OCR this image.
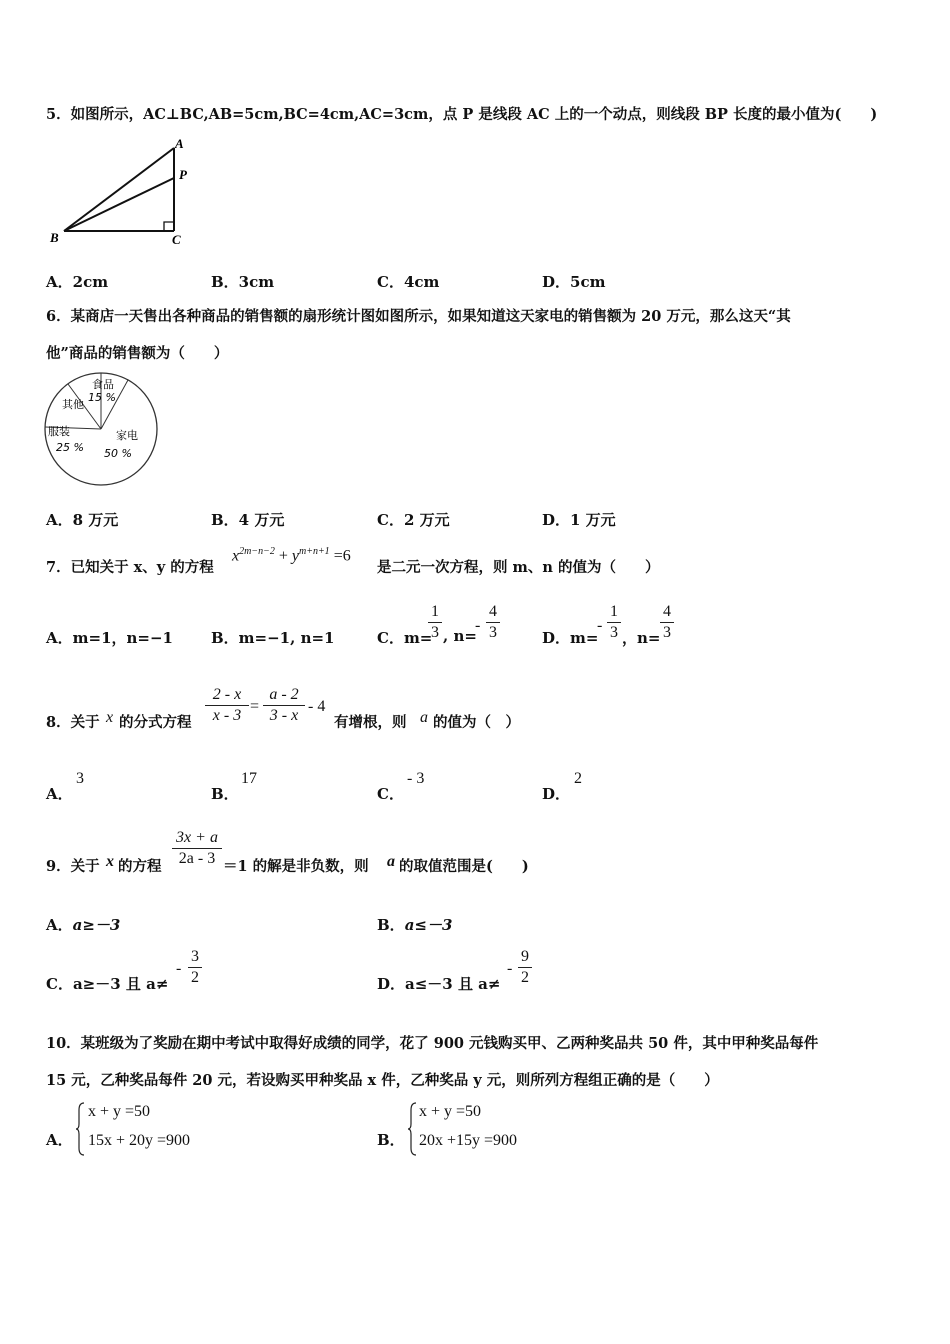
5．如图所示，AC⊥BC,AB=5cm,BC=4cm,AC=3cm，点 P 是线段 AC 上的一个动点，则线段 BP 长度的最小值为(　　)
A
P
B	C
A．2cm	B．3cm	C．4cm	D．5cm
6．某商店一天售出各种商品的销售额的扇形统计图如图所示，如果知道这天家电的销售额为 20 万元，那么这天“其
他”商品的销售额为（　　）
食品
15 %
其他
服装
25 %
家电
50 %
A．8 万元	B．4 万元	C．2 万元	D．1 万元
7．已知关于 x、y 的方程
$x^{2m-n-2} + y^{m+n+1} =6$
是二元一次方程，则 m、n 的值为（　　）
A．m=1，n=−1	B．m=−1, n=1	C．m=
1
3 , n=
-
4
3	D．m=
-
1
3 ，n=
4
3
8．关于 x 的分式方程
2 - x
x - 3
=
a - 2
3 - x
- 4
有增根，则 a 的值为（　）
A．
3
B．
17
C．
- 3
D．
2
9．关于 x 的方程
3x + a
2a - 3 ＝1 的解是非负数，则 a 的取值范围是(　　)
A．a≥－3	B．a≤－3
C．a≥－3 且 a≠
-
3
2	D．a≤－3 且 a≠
-
9
2
10．某班级为了奖励在期中考试中取得好成绩的同学，花了 900 元钱购买甲、乙两种奖品共 50 件，其中甲种奖品每件
15 元，乙种奖品每件 20 元，若设购买甲种奖品 x 件，乙种奖品 y 元，则所列方程组正确的是（　　）
A．
x + y =50
15x + 20y =900	B．
x + y =50
20x +15y =900
